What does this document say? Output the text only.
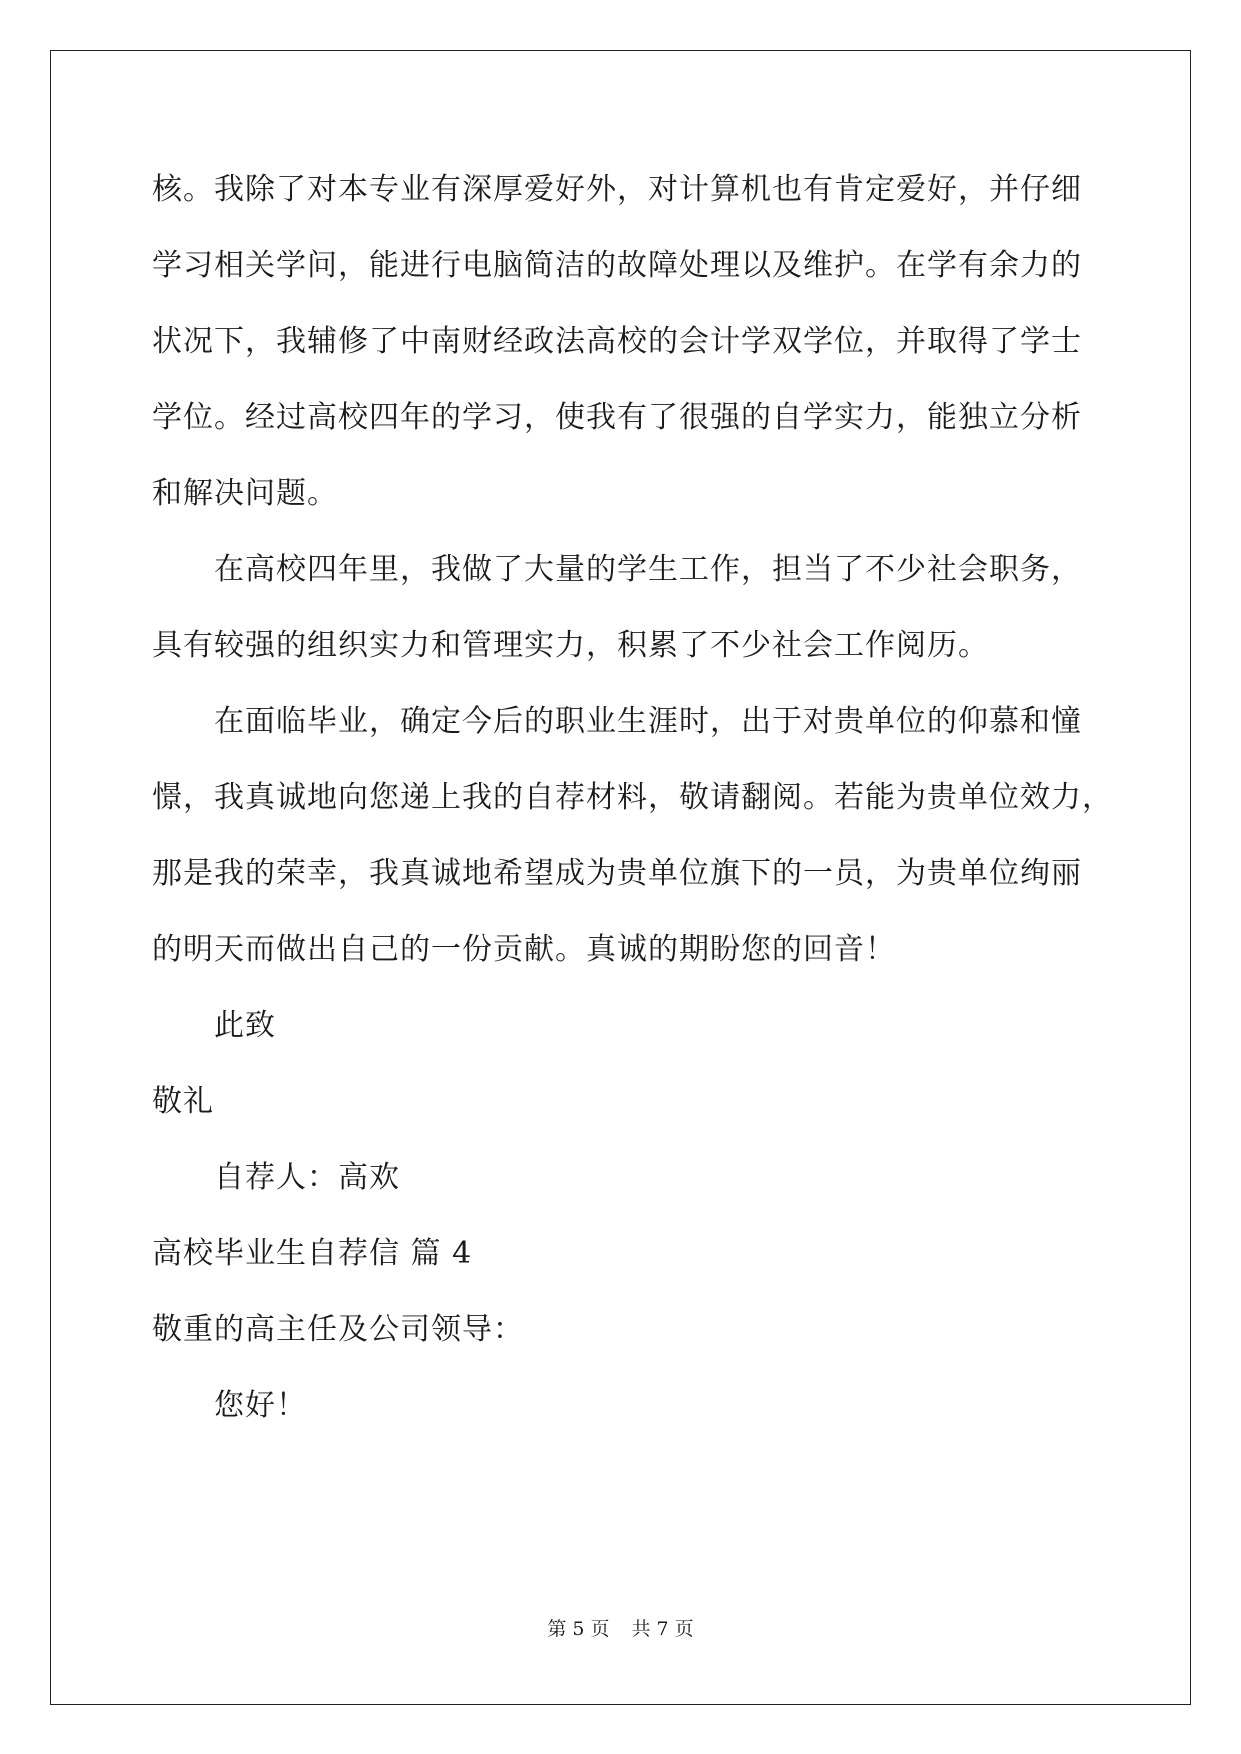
核。我除了对本专业有深厚爱好外，对计算机也有肯定爱好，并仔细
学习相关学问，能进行电脑简洁的故障处理以及维护。在学有余力的
状况下，我辅修了中南财经政法高校的会计学双学位，并取得了学士
学位。经过高校四年的学习，使我有了很强的自学实力，能独立分析
和解决问题。
在高校四年里，我做了大量的学生工作，担当了不少社会职务，
具有较强的组织实力和管理实力，积累了不少社会工作阅历。
在面临毕业，确定今后的职业生涯时，出于对贵单位的仰慕和憧
憬，我真诚地向您递上我的自荐材料，敬请翻阅。若能为贵单位效力，
那是我的荣幸，我真诚地希望成为贵单位旗下的一员，为贵单位绚丽
的明天而做出自己的一份贡献。真诚的期盼您的回音！
此致
敬礼
自荐人：高欢
高校毕业生自荐信 篇 4
敬重的高主任及公司领导：
您好！
第 5 页 共 7 页
